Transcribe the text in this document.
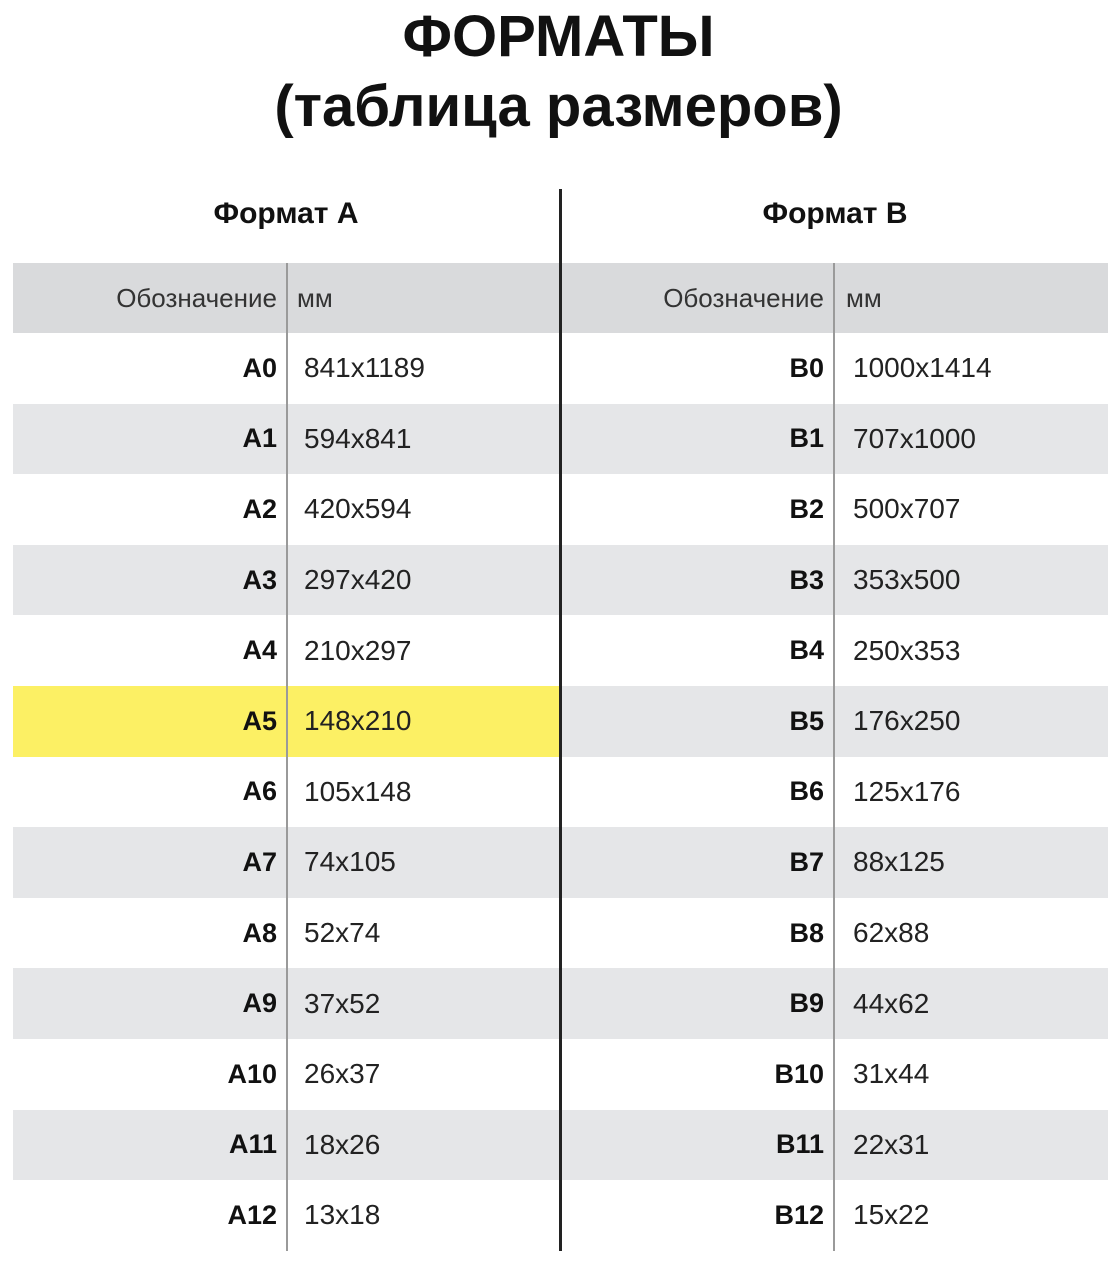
ФОРМАТЫ
(таблица размеров)
Формат А	Формат В
Обозначение мм
А0 841x1189
А1 594x841
А2 420x594
А3 297x420
А4 210x297
А5 148x210
А6 105x148
А7 74x105
А8 52x74
А9 37x52
А10 26x37
А11 18x26
А12 13x18
Обозначение мм
В0 1000x1414
В1 707x1000
В2 500x707
В3 353x500
В4 250x353
В5 176x250
В6 125x176
В7 88x125
В8 62x88
В9 44x62
В10 31x44
В11 22x31
В12 15x22
